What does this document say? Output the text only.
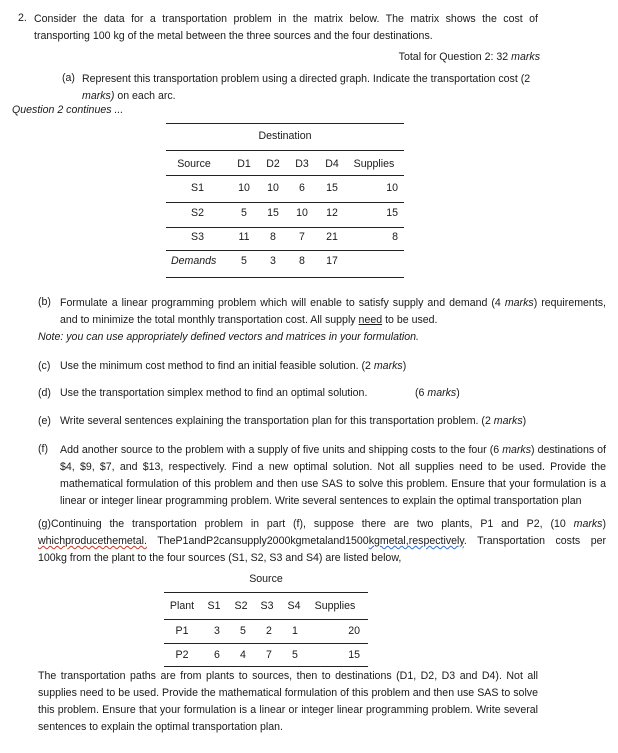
2. Consider the data for a transportation problem in the matrix below. The matrix shows the cost of transporting 100 kg of the metal between the three sources and the four destinations.
Total for Question 2: 32 marks
(a) Represent this transportation problem using a directed graph. Indicate the transportation cost (2 marks) on each arc.
Question 2 continues ...
Destination
Source	D1	D2	D3	D4	Supplies
S1	10	10	6	15	10
S2	5	15	10	12	15
S3	11	8	7	21	8
Demands	5	3	8	17
(b) Formulate a linear programming problem which will enable to satisfy supply and demand (4 marks) requirements, and to minimize the total monthly transportation cost. All supply need to be used.
Note: you can use appropriately defined vectors and matrices in your formulation.
(c) Use the minimum cost method to find an initial feasible solution. (2 marks)
(d) Use the transportation simplex method to find an optimal solution.	(6 marks)
(e) Write several sentences explaining the transportation plan for this transportation problem. (2 marks)
(f) Add another source to the problem with a supply of five units and shipping costs to the four (6 marks) destinations of $4, $9, $7, and $13, respectively. Find a new optimal solution. Not all supplies need to be used. Provide the mathematical formulation of this problem and then use SAS to solve this problem. Ensure that your formulation is a linear or integer linear programming problem. Write several sentences to explain the optimal transportation plan
(g)Continuing the transportation problem in part (f), suppose there are two plants, P1 and P2, (10 marks) whichproducethemetal. TheP1andP2cansupply2000kgmetaland1500kgmetal,respectively. Transportation costs per 100kg from the plant to the four sources (S1, S2, S3 and S4) are listed below,
Source
Plant	S1	S2	S3	S4	Supplies
P1	3	5	2	1	20
P2	6	4	7	5	15
The transportation paths are from plants to sources, then to destinations (D1, D2, D3 and D4). Not all supplies need to be used. Provide the mathematical formulation of this problem and then use SAS to solve this problem. Ensure that your formulation is a linear or integer linear programming problem. Write several sentences to explain the optimal transportation plan.
